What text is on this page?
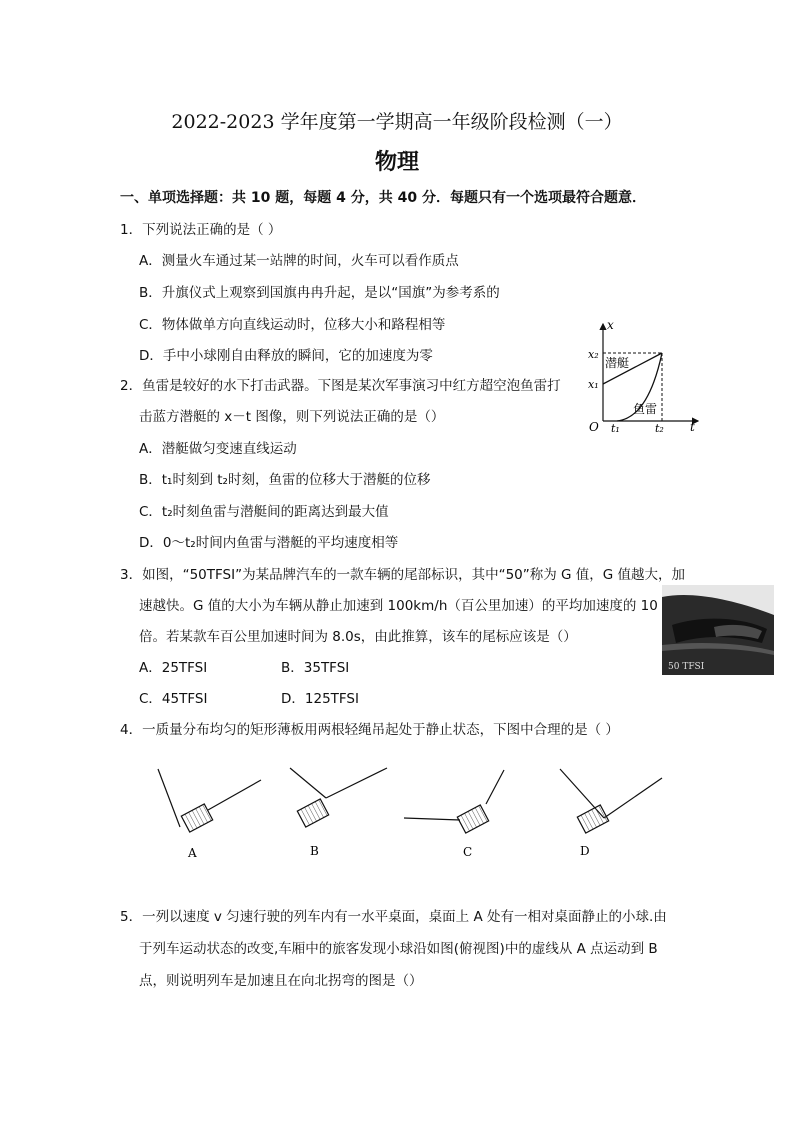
2022-2023 学年度第一学期高一年级阶段检测（一）
物理
一、单项选择题：共 10 题，每题 4 分，共 40 分．每题只有一个选项最符合题意．
1．下列说法正确的是（ ）
A．测量火车通过某一站牌的时间，火车可以看作质点
B．升旗仪式上观察到国旗冉冉升起，是以“国旗”为参考系的
C．物体做单方向直线运动时，位移大小和路程相等
D．手中小球刚自由释放的瞬间，它的加速度为零
2．鱼雷是较好的水下打击武器。下图是某次军事演习中红方超空泡鱼雷打
击蓝方潜艇的 x－t 图像，则下列说法正确的是（）
A．潜艇做匀变速直线运动
B．t₁时刻到 t₂时刻，鱼雷的位移大于潜艇的位移
C．t₂时刻鱼雷与潜艇间的距离达到最大值
D．0～t₂时间内鱼雷与潜艇的平均速度相等
x
t
O
x₂
x₁
t₁	t₂
潜艇
鱼雷
3．如图，“50TFSI”为某品牌汽车的一款车辆的尾部标识，其中“50”称为 G 值，G 值越大，加
速越快。G 值的大小为车辆从静止加速到 100km/h（百公里加速）的平均加速度的 10
倍。若某款车百公里加速时间为 8.0s，由此推算，该车的尾标应该是（）
A．25TFSI	B．35TFSI
C．45TFSI	D．125TFSI
50 TFSI
4．一质量分布均匀的矩形薄板用两根轻绳吊起处于静止状态，下图中合理的是（ ）
A	B	C	D
5．一列以速度 v 匀速行驶的列车内有一水平桌面，桌面上 A 处有一相对桌面静止的小球.由
于列车运动状态的改变,车厢中的旅客发现小球沿如图(俯视图)中的虚线从 A 点运动到 B
点，则说明列车是加速且在向北拐弯的图是（）
